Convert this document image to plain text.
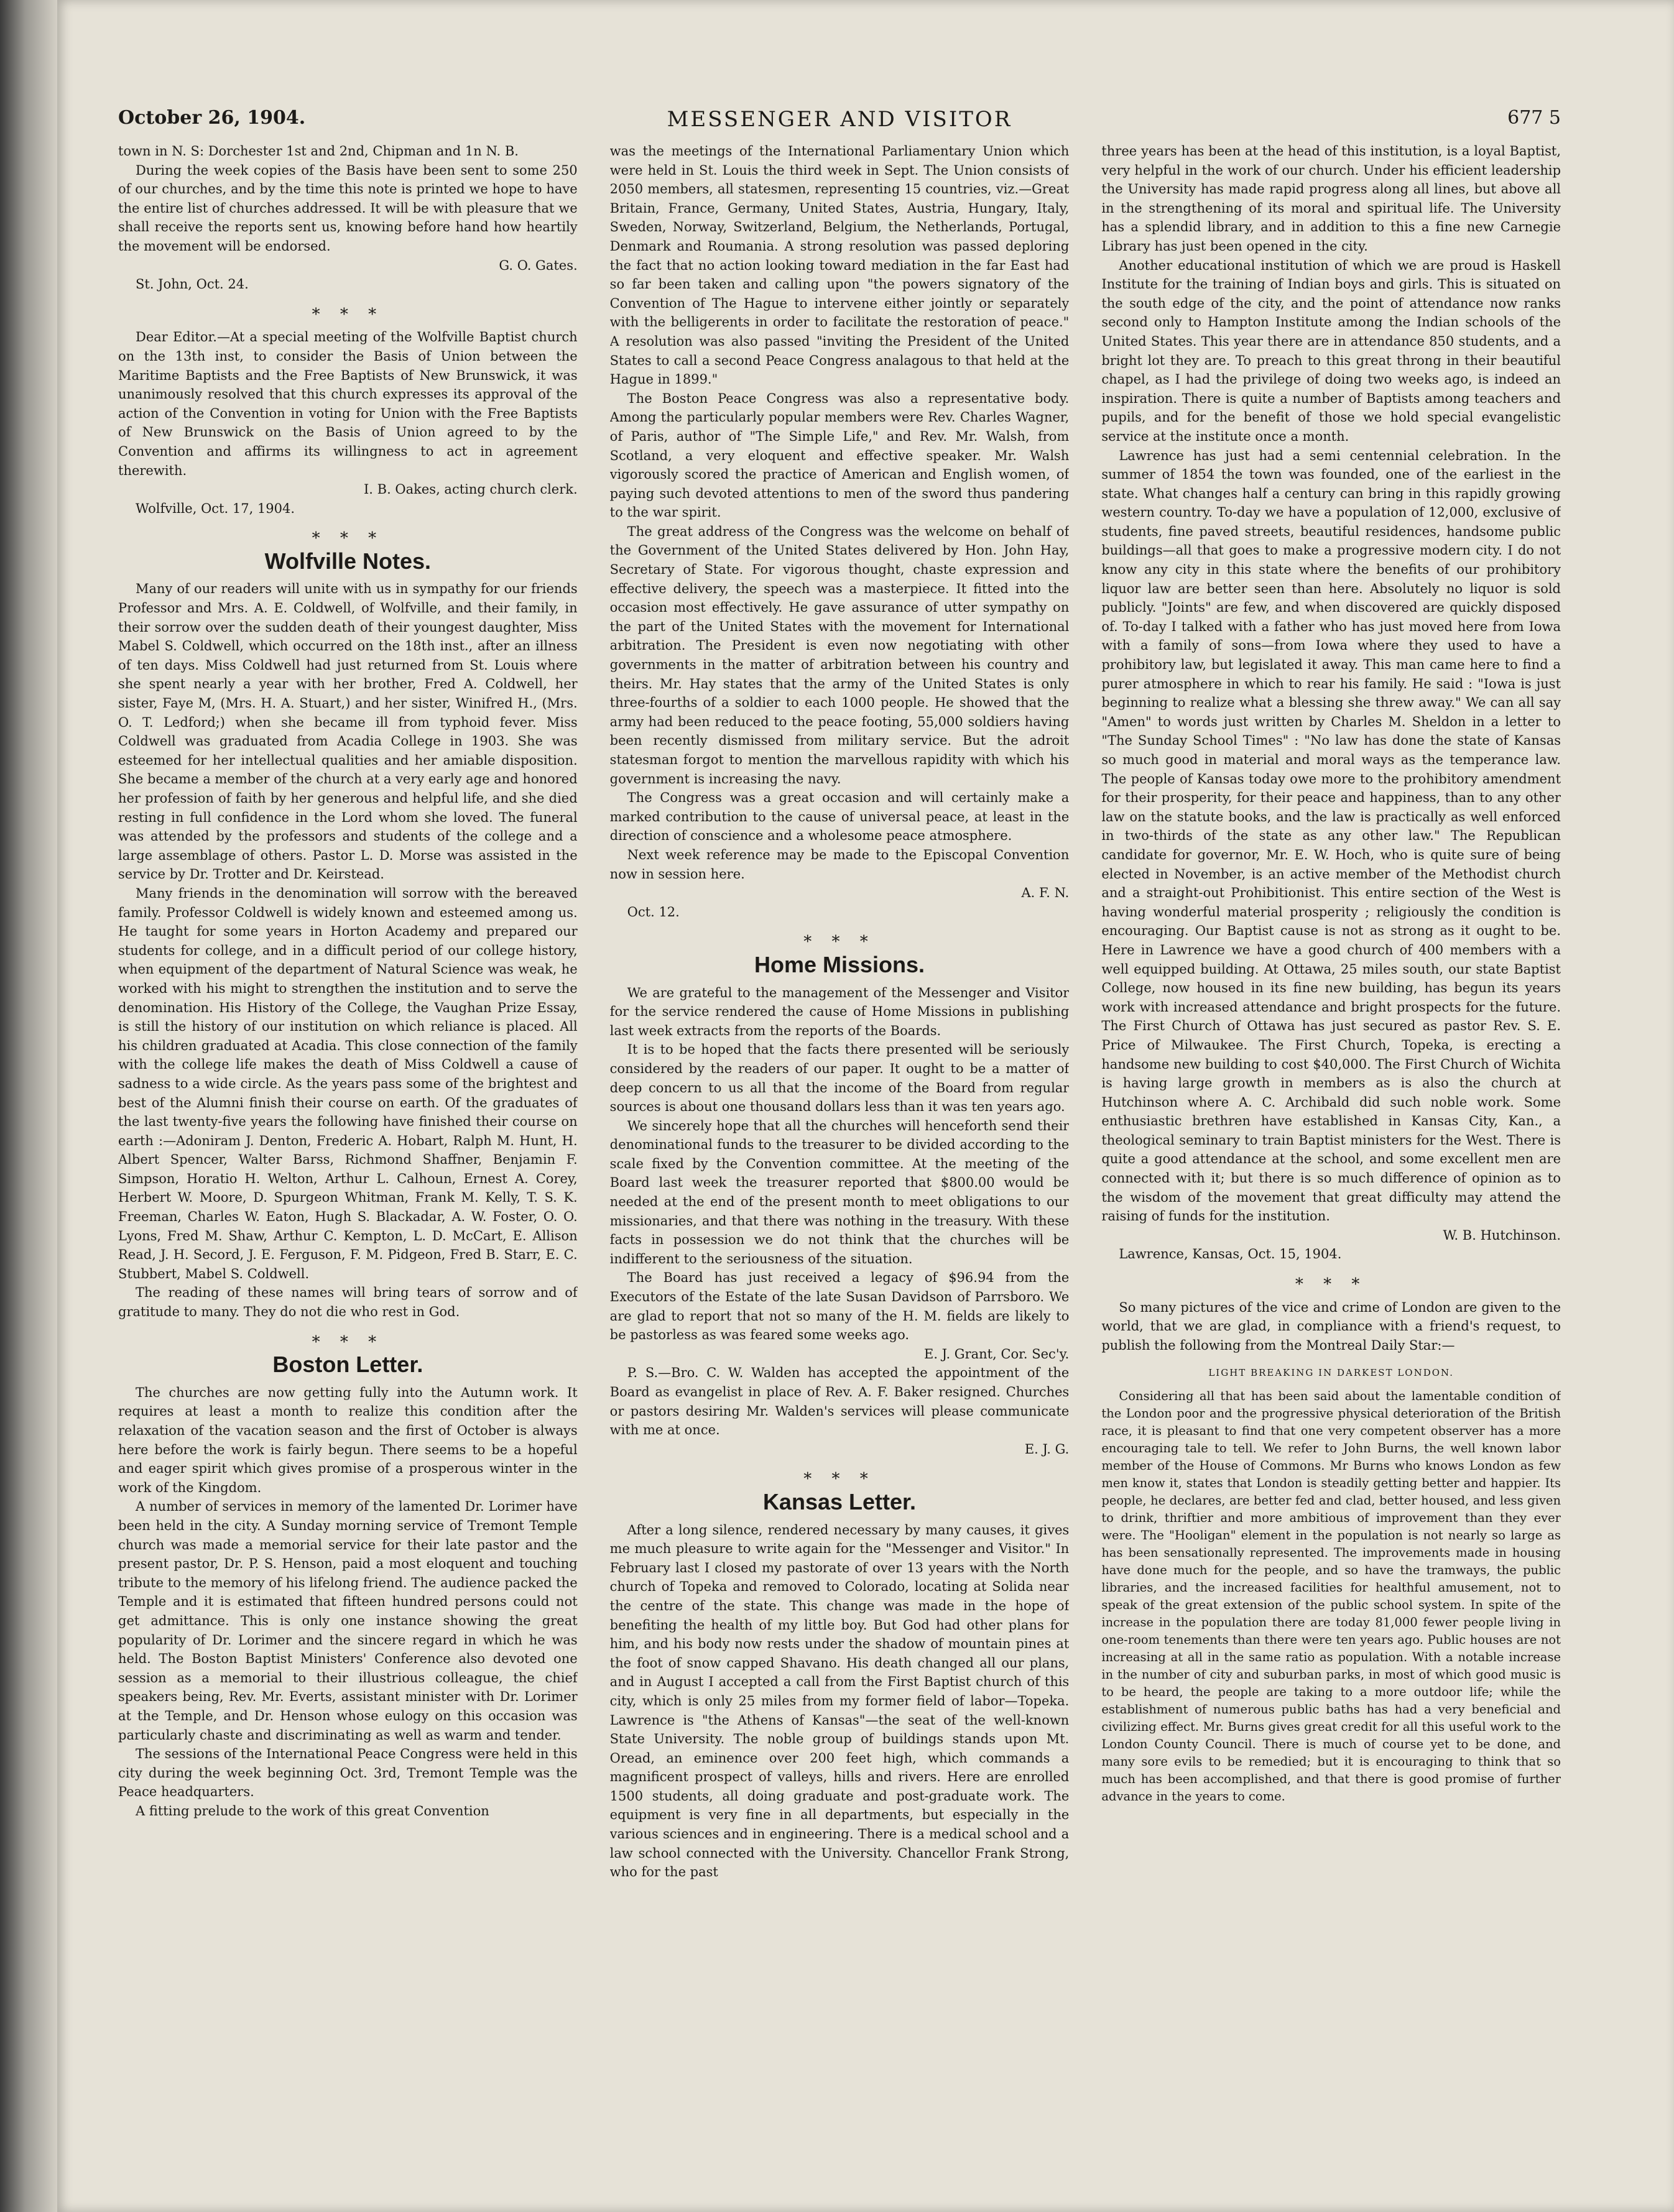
October 26, 1904.	MESSENGER AND VISITOR	677 5

town in N. S: Dorchester 1st and 2nd, Chipman and 1n N. B.

During the week copies of the Basis have been sent to some 250 of our churches, and by the time this note is printed we hope to have the entire list of churches addressed. It will be with pleasure that we shall receive the reports sent us, knowing before hand how heartily the movement will be endorsed.

G. O. Gates.

St. John, Oct. 24.

* * *

Dear Editor.—At a special meeting of the Wolfville Baptist church on the 13th inst, to consider the Basis of Union between the Maritime Baptists and the Free Baptists of New Brunswick, it was unanimously resolved that this church expresses its approval of the action of the Convention in voting for Union with the Free Baptists of New Brunswick on the Basis of Union agreed to by the Convention and affirms its willingness to act in agreement therewith.

I. B. Oakes, acting church clerk.

Wolfville, Oct. 17, 1904.

* * *
Wolfville Notes.

Many of our readers will unite with us in sympathy for our friends Professor and Mrs. A. E. Coldwell, of Wolfville, and their family, in their sorrow over the sudden death of their youngest daughter, Miss Mabel S. Coldwell, which occurred on the 18th inst., after an illness of ten days. Miss Coldwell had just returned from St. Louis where she spent nearly a year with her brother, Fred A. Coldwell, her sister, Faye M, (Mrs. H. A. Stuart,) and her sister, Winifred H., (Mrs. O. T. Ledford;) when she became ill from typhoid fever. Miss Coldwell was graduated from Acadia College in 1903. She was esteemed for her intellectual qualities and her amiable disposition. She became a member of the church at a very early age and honored her profession of faith by her generous and helpful life, and she died resting in full confidence in the Lord whom she loved. The funeral was attended by the professors and students of the college and a large assemblage of others. Pastor L. D. Morse was assisted in the service by Dr. Trotter and Dr. Keirstead.

Many friends in the denomination will sorrow with the bereaved family. Professor Coldwell is widely known and esteemed among us. He taught for some years in Horton Academy and prepared our students for college, and in a difficult period of our college history, when equipment of the department of Natural Science was weak, he worked with his might to strengthen the institution and to serve the denomination. His History of the College, the Vaughan Prize Essay, is still the history of our institution on which reliance is placed. All his children graduated at Acadia. This close connection of the family with the college life makes the death of Miss Coldwell a cause of sadness to a wide circle. As the years pass some of the brightest and best of the Alumni finish their course on earth. Of the graduates of the last twenty-five years the following have finished their course on earth :—Adoniram J. Denton, Frederic A. Hobart, Ralph M. Hunt, H. Albert Spencer, Walter Barss, Richmond Shaffner, Benjamin F. Simpson, Horatio H. Welton, Arthur L. Calhoun, Ernest A. Corey, Herbert W. Moore, D. Spurgeon Whitman, Frank M. Kelly, T. S. K. Freeman, Charles W. Eaton, Hugh S. Blackadar, A. W. Foster, O. O. Lyons, Fred M. Shaw, Arthur C. Kempton, L. D. McCart, E. Allison Read, J. H. Secord, J. E. Ferguson, F. M. Pidgeon, Fred B. Starr, E. C. Stubbert, Mabel S. Coldwell.

The reading of these names will bring tears of sorrow and of gratitude to many. They do not die who rest in God.

* * *
Boston Letter.

The churches are now getting fully into the Autumn work. It requires at least a month to realize this condition after the relaxation of the vacation season and the first of October is always here before the work is fairly begun. There seems to be a hopeful and eager spirit which gives promise of a prosperous winter in the work of the Kingdom.

A number of services in memory of the lamented Dr. Lorimer have been held in the city. A Sunday morning service of Tremont Temple church was made a memorial service for their late pastor and the present pastor, Dr. P. S. Henson, paid a most eloquent and touching tribute to the memory of his lifelong friend. The audience packed the Temple and it is estimated that fifteen hundred persons could not get admittance. This is only one instance showing the great popularity of Dr. Lorimer and the sincere regard in which he was held. The Boston Baptist Ministers' Conference also devoted one session as a memorial to their illustrious colleague, the chief speakers being, Rev. Mr. Everts, assistant minister with Dr. Lorimer at the Temple, and Dr. Henson whose eulogy on this occasion was particularly chaste and discriminating as well as warm and tender.

The sessions of the International Peace Congress were held in this city during the week beginning Oct. 3rd, Tremont Temple was the Peace headquarters.

A fitting prelude to the work of this great Convention

was the meetings of the International Parliamentary Union which were held in St. Louis the third week in Sept. The Union consists of 2050 members, all statesmen, representing 15 countries, viz.—Great Britain, France, Germany, United States, Austria, Hungary, Italy, Sweden, Norway, Switzerland, Belgium, the Netherlands, Portugal, Denmark and Roumania. A strong resolution was passed deploring the fact that no action looking toward mediation in the far East had so far been taken and calling upon "the powers signatory of the Convention of The Hague to intervene either jointly or separately with the belligerents in order to facilitate the restoration of peace." A resolution was also passed "inviting the President of the United States to call a second Peace Congress analagous to that held at the Hague in 1899."

The Boston Peace Congress was also a representative body. Among the particularly popular members were Rev. Charles Wagner, of Paris, author of "The Simple Life," and Rev. Mr. Walsh, from Scotland, a very eloquent and effective speaker. Mr. Walsh vigorously scored the practice of American and English women, of paying such devoted attentions to men of the sword thus pandering to the war spirit.

The great address of the Congress was the welcome on behalf of the Government of the United States delivered by Hon. John Hay, Secretary of State. For vigorous thought, chaste expression and effective delivery, the speech was a masterpiece. It fitted into the occasion most effectively. He gave assurance of utter sympathy on the part of the United States with the movement for International arbitration. The President is even now negotiating with other governments in the matter of arbitration between his country and theirs. Mr. Hay states that the army of the United States is only three-fourths of a soldier to each 1000 people. He showed that the army had been reduced to the peace footing, 55,000 soldiers having been recently dismissed from military service. But the adroit statesman forgot to mention the marvellous rapidity with which his government is increasing the navy.

The Congress was a great occasion and will certainly make a marked contribution to the cause of universal peace, at least in the direction of conscience and a wholesome peace atmosphere.

Next week reference may be made to the Episcopal Convention now in session here.

A. F. N.

Oct. 12.

* * *
Home Missions.

We are grateful to the management of the Messenger and Visitor for the service rendered the cause of Home Missions in publishing last week extracts from the reports of the Boards.

It is to be hoped that the facts there presented will be seriously considered by the readers of our paper. It ought to be a matter of deep concern to us all that the income of the Board from regular sources is about one thousand dollars less than it was ten years ago.

We sincerely hope that all the churches will henceforth send their denominational funds to the treasurer to be divided according to the scale fixed by the Convention committee. At the meeting of the Board last week the treasurer reported that $800.00 would be needed at the end of the present month to meet obligations to our missionaries, and that there was nothing in the treasury. With these facts in possession we do not think that the churches will be indifferent to the seriousness of the situation.

The Board has just received a legacy of $96.94 from the Executors of the Estate of the late Susan Davidson of Parrsboro. We are glad to report that not so many of the H. M. fields are likely to be pastorless as was feared some weeks ago.

E. J. Grant, Cor. Sec'y.

P. S.—Bro. C. W. Walden has accepted the appointment of the Board as evangelist in place of Rev. A. F. Baker resigned. Churches or pastors desiring Mr. Walden's services will please communicate with me at once.

E. J. G.

* * *
Kansas Letter.

After a long silence, rendered necessary by many causes, it gives me much pleasure to write again for the "Messenger and Visitor." In February last I closed my pastorate of over 13 years with the North church of Topeka and removed to Colorado, locating at Solida near the centre of the state. This change was made in the hope of benefiting the health of my little boy. But God had other plans for him, and his body now rests under the shadow of mountain pines at the foot of snow capped Shavano. His death changed all our plans, and in August I accepted a call from the First Baptist church of this city, which is only 25 miles from my former field of labor—Topeka. Lawrence is "the Athens of Kansas"—the seat of the well-known State University. The noble group of buildings stands upon Mt. Oread, an eminence over 200 feet high, which commands a magnificent prospect of valleys, hills and rivers. Here are enrolled 1500 students, all doing graduate and post-graduate work. The equipment is very fine in all departments, but especially in the various sciences and in engineering. There is a medical school and a law school connected with the University. Chancellor Frank Strong, who for the past

three years has been at the head of this institution, is a loyal Baptist, very helpful in the work of our church. Under his efficient leadership the University has made rapid progress along all lines, but above all in the strengthening of its moral and spiritual life. The University has a splendid library, and in addition to this a fine new Carnegie Library has just been opened in the city.

Another educational institution of which we are proud is Haskell Institute for the training of Indian boys and girls. This is situated on the south edge of the city, and the point of attendance now ranks second only to Hampton Institute among the Indian schools of the United States. This year there are in attendance 850 students, and a bright lot they are. To preach to this great throng in their beautiful chapel, as I had the privilege of doing two weeks ago, is indeed an inspiration. There is quite a number of Baptists among teachers and pupils, and for the benefit of those we hold special evangelistic service at the institute once a month.

Lawrence has just had a semi centennial celebration. In the summer of 1854 the town was founded, one of the earliest in the state. What changes half a century can bring in this rapidly growing western country. To-day we have a population of 12,000, exclusive of students, fine paved streets, beautiful residences, handsome public buildings—all that goes to make a progressive modern city. I do not know any city in this state where the benefits of our prohibitory liquor law are better seen than here. Absolutely no liquor is sold publicly. "Joints" are few, and when discovered are quickly disposed of. To-day I talked with a father who has just moved here from Iowa with a family of sons—from Iowa where they used to have a prohibitory law, but legislated it away. This man came here to find a purer atmosphere in which to rear his family. He said : "Iowa is just beginning to realize what a blessing she threw away." We can all say "Amen" to words just written by Charles M. Sheldon in a letter to "The Sunday School Times" : "No law has done the state of Kansas so much good in material and moral ways as the temperance law. The people of Kansas today owe more to the prohibitory amendment for their prosperity, for their peace and happiness, than to any other law on the statute books, and the law is practically as well enforced in two-thirds of the state as any other law." The Republican candidate for governor, Mr. E. W. Hoch, who is quite sure of being elected in November, is an active member of the Methodist church and a straight-out Prohibitionist. This entire section of the West is having wonderful material prosperity ; religiously the condition is encouraging. Our Baptist cause is not as strong as it ought to be. Here in Lawrence we have a good church of 400 members with a well equipped building. At Ottawa, 25 miles south, our state Baptist College, now housed in its fine new building, has begun its years work with increased attendance and bright prospects for the future. The First Church of Ottawa has just secured as pastor Rev. S. E. Price of Milwaukee. The First Church, Topeka, is erecting a handsome new building to cost $40,000. The First Church of Wichita is having large growth in members as is also the church at Hutchinson where A. C. Archibald did such noble work. Some enthusiastic brethren have established in Kansas City, Kan., a theological seminary to train Baptist ministers for the West. There is quite a good attendance at the school, and some excellent men are connected with it; but there is so much difference of opinion as to the wisdom of the movement that great difficulty may attend the raising of funds for the institution.

W. B. Hutchinson.

Lawrence, Kansas, Oct. 15, 1904.

* * *

So many pictures of the vice and crime of London are given to the world, that we are glad, in compliance with a friend's request, to publish the following from the Montreal Daily Star:—

LIGHT BREAKING IN DARKEST LONDON.

Considering all that has been said about the lamentable condition of the London poor and the progressive physical deterioration of the British race, it is pleasant to find that one very competent observer has a more encouraging tale to tell. We refer to John Burns, the well known labor member of the House of Commons. Mr Burns who knows London as few men know it, states that London is steadily getting better and happier. Its people, he declares, are better fed and clad, better housed, and less given to drink, thriftier and more ambitious of improvement than they ever were. The "Hooligan" element in the population is not nearly so large as has been sensationally represented. The improvements made in housing have done much for the people, and so have the tramways, the public libraries, and the increased facilities for healthful amusement, not to speak of the great extension of the public school system. In spite of the increase in the population there are today 81,000 fewer people living in one-room tenements than there were ten years ago. Public houses are not increasing at all in the same ratio as population. With a notable increase in the number of city and suburban parks, in most of which good music is to be heard, the people are taking to a more outdoor life; while the establishment of numerous public baths has had a very beneficial and civilizing effect. Mr. Burns gives great credit for all this useful work to the London County Council. There is much of course yet to be done, and many sore evils to be remedied; but it is encouraging to think that so much has been accomplished, and that there is good promise of further advance in the years to come.
